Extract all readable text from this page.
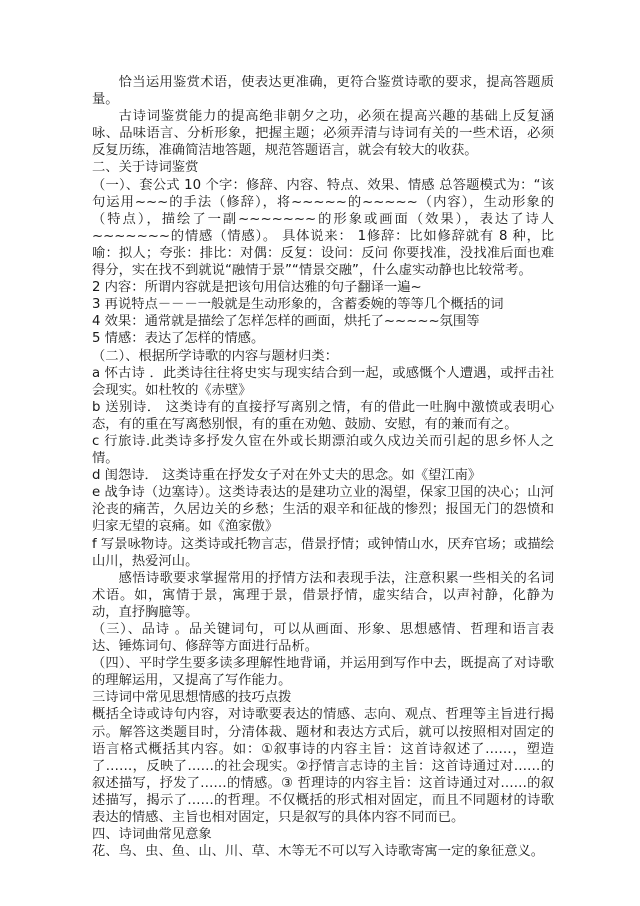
恰当运用鉴赏术语，使表达更准确，更符合鉴赏诗歌的要求，提高答题质量。

古诗词鉴赏能力的提高绝非朝夕之功，必须在提高兴趣的基础上反复涵咏、品味语言、分析形象，把握主题；必须弄清与诗词有关的一些术语，必须反复历练，准确简洁地答题，规范答题语言，就会有较大的收获。

二、关于诗词鉴赏

（一）、套公式 10 个字：修辞、内容、特点、效果、情感 总答题模式为：“该句运用~~~的手法（修辞），将~~~~~的~~~~~（内容），生动形象的（特点），描绘了一副~~~~~~~的形象或画面（效果），表达了诗人~~~~~~~的情感（情感）。 具体说来： 1修辞：比如修辞就有 8 种，比喻：拟人；夸张：排比：对偶：反复：设问：反问 你要找准，没找准后面也难得分，实在找不到就说“融情于景”“情景交融”，什么虚实动静也比较常考。

2 内容：所谓内容就是把该句用信达雅的句子翻译一遍~

3 再说特点－－－一般就是生动形象的，含蓄委婉的等等几个概括的词

4 效果：通常就是描绘了怎样怎样的画面，烘托了~~~~~氛围等

5 情感：表达了怎样的情感。

（二）、根据所学诗歌的内容与题材归类：

a 怀古诗 ．此类诗往往将史实与现实结合到一起，或感慨个人遭遇，或抨击社会现实。如杜牧的《赤壁》

b 送别诗． 这类诗有的直接抒写离别之情，有的借此一吐胸中激愤或表明心态，有的重在写离愁别恨，有的重在劝勉、鼓励、安慰，有的兼而有之。

c 行旅诗.此类诗多抒发久宦在外或长期漂泊或久戍边关而引起的思乡怀人之情。

d 闺怨诗． 这类诗重在抒发女子对在外丈夫的思念。如《望江南》

e 战争诗（边塞诗）。这类诗表达的是建功立业的渴望，保家卫国的决心；山河沦丧的痛苦，久居边关的乡愁；生活的艰辛和征战的惨烈；报国无门的怨愤和归家无望的哀痛。如《渔家傲》

f 写景咏物诗。这类诗或托物言志，借景抒情；或钟情山水，厌弃官场；或描绘山川，热爱河山。

感悟诗歌要求掌握常用的抒情方法和表现手法，注意积累一些相关的名词术语。如，寓情于景，寓理于景，借景抒情，虚实结合，以声衬静，化静为动，直抒胸臆等。

（三）、品诗 。品关键词句，可以从画面、形象、思想感情、哲理和语言表达、锤炼词句、修辞等方面进行品析。

（四）、平时学生要多读多理解性地背诵，并运用到写作中去，既提高了对诗歌的理解运用，又提高了写作能力。

三诗词中常见思想情感的技巧点拨

概括全诗或诗句内容，对诗歌要表达的情感、志向、观点、哲理等主旨进行揭示。解答这类题目时，分清体裁、题材和表达方式后，就可以按照相对固定的语言格式概括其内容。如：①叙事诗的内容主旨：这首诗叙述了……，塑造了……，反映了……的社会现实。②抒情言志诗的主旨：这首诗通过对……的叙述描写，抒发了……的情感。③ 哲理诗的内容主旨：这首诗通过对……的叙述描写，揭示了……的哲理。不仅概括的形式相对固定，而且不同题材的诗歌表达的情感、主旨也相对固定，只是叙写的具体内容不同而已。

四、诗词曲常见意象

花、鸟、虫、鱼、山、川、草、木等无不可以写入诗歌寄寓一定的象征意义。
